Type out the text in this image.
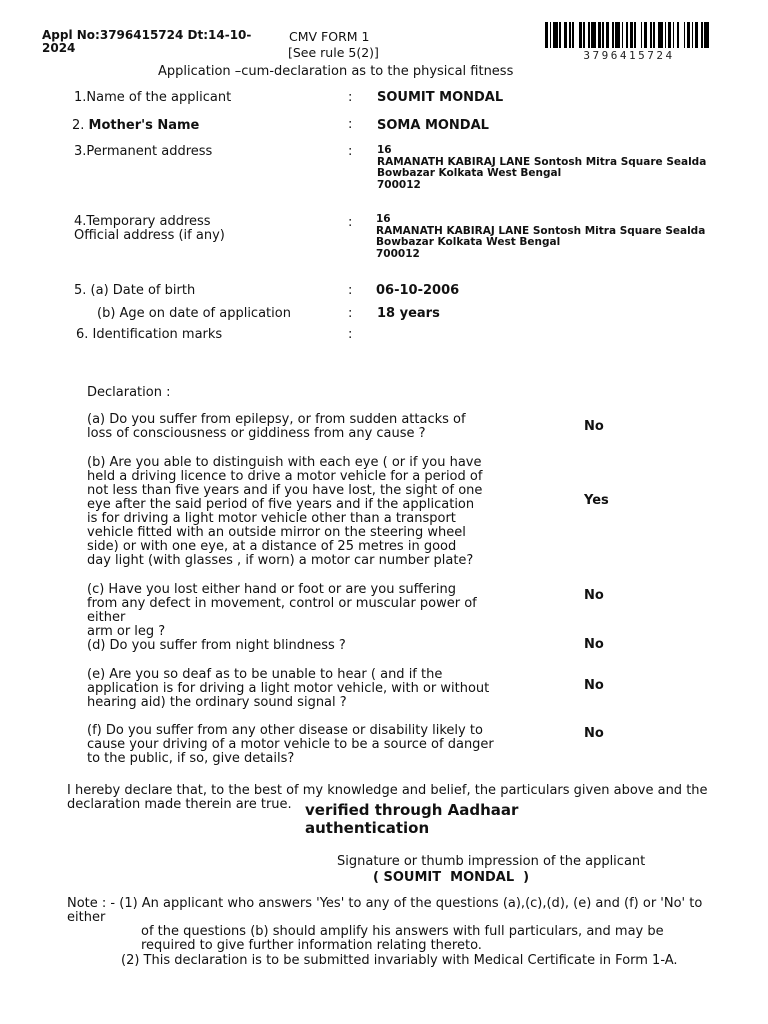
Appl No:3796415724 Dt:14-10-
2024
CMV FORM 1
[See rule 5(2)]
Application –cum-declaration as to the physical fitness
3796415724
1.Name of the applicant	: SOUMIT MONDAL
2. Mother's Name	: SOMA MONDAL
3.Permanent address	: 16
RAMANATH KABIRAJ LANE Sontosh Mitra Square Sealda
Bowbazar Kolkata West Bengal
700012
4.Temporary address
Official address (if any)
: 16
RAMANATH KABIRAJ LANE Sontosh Mitra Square Sealda
Bowbazar Kolkata West Bengal
700012
5. (a) Date of birth	: 06-10-2006
(b) Age on date of application	: 18 years
6. Identification marks	:
Declaration :
(a) Do you suffer from epilepsy, or from sudden attacks of
loss of consciousness or giddiness from any cause ?	No
(b) Are you able to distinguish with each eye ( or if you have
held a driving licence to drive a motor vehicle for a period of
not less than five years and if you have lost, the sight of one
eye after the said period of five years and if the application
is for driving a light motor vehicle other than a transport
vehicle fitted with an outside mirror on the steering wheel
side) or with one eye, at a distance of 25 metres in good
day light (with glasses , if worn) a motor car number plate?
Yes
(c) Have you lost either hand or foot or are you suffering
from any defect in movement, control or muscular power of either
arm or leg ?
No
(d) Do you suffer from night blindness ?	No
(e) Are you so deaf as to be unable to hear ( and if the
application is for driving a light motor vehicle, with or without
hearing aid) the ordinary sound signal ?
No
(f) Do you suffer from any other disease or disability likely to
cause your driving of a motor vehicle to be a source of danger
to the public, if so, give details?
No
I hereby declare that, to the best of my knowledge and belief, the particulars given above and the
declaration made therein are true. verified through Aadhaar
authentication
Signature or thumb impression of the applicant
( SOUMIT  MONDAL  )
Note : - (1) An applicant who answers 'Yes' to any of the questions (a),(c),(d), (e) and (f) or 'No' to
either
of the questions (b) should amplify his answers with full particulars, and may be
required to give further information relating thereto.
(2) This declaration is to be submitted invariably with Medical Certificate in Form 1-A.
